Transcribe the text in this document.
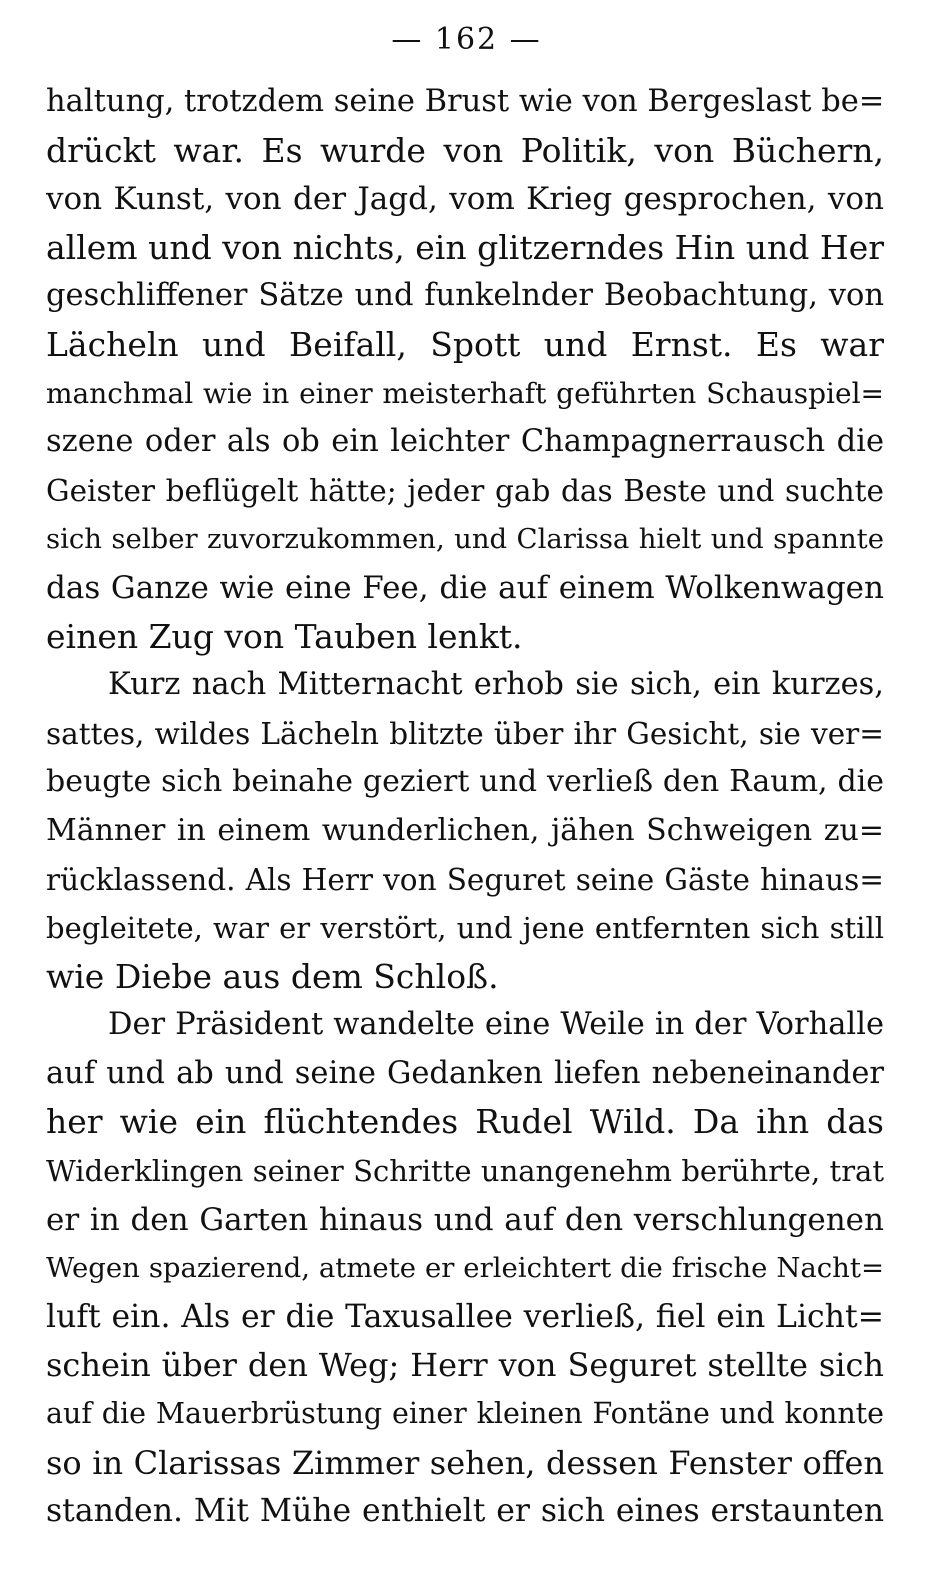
— 162 —
haltung, trotzdem seine Brust wie von Bergeslast be=
drückt war. Es wurde von Politik, von Büchern,
von Kunst, von der Jagd, vom Krieg gesprochen, von
allem und von nichts, ein glitzerndes Hin und Her
geschliffener Sätze und funkelnder Beobachtung, von
Lächeln und Beifall, Spott und Ernst. Es war
manchmal wie in einer meisterhaft geführten Schauspiel=
szene oder als ob ein leichter Champagnerrausch die
Geister beflügelt hätte; jeder gab das Beste und suchte
sich selber zuvorzukommen, und Clarissa hielt und spannte
das Ganze wie eine Fee, die auf einem Wolkenwagen
einen Zug von Tauben lenkt.
Kurz nach Mitternacht erhob sie sich, ein kurzes,
sattes, wildes Lächeln blitzte über ihr Gesicht, sie ver=
beugte sich beinahe geziert und verließ den Raum, die
Männer in einem wunderlichen, jähen Schweigen zu=
rücklassend. Als Herr von Seguret seine Gäste hinaus=
begleitete, war er verstört, und jene entfernten sich still
wie Diebe aus dem Schloß.
Der Präsident wandelte eine Weile in der Vorhalle
auf und ab und seine Gedanken liefen nebeneinander
her wie ein flüchtendes Rudel Wild. Da ihn das
Widerklingen seiner Schritte unangenehm berührte, trat
er in den Garten hinaus und auf den verschlungenen
Wegen spazierend, atmete er erleichtert die frische Nacht=
luft ein. Als er die Taxusallee verließ, fiel ein Licht=
schein über den Weg; Herr von Seguret stellte sich
auf die Mauerbrüstung einer kleinen Fontäne und konnte
so in Clarissas Zimmer sehen, dessen Fenster offen
standen. Mit Mühe enthielt er sich eines erstaunten
